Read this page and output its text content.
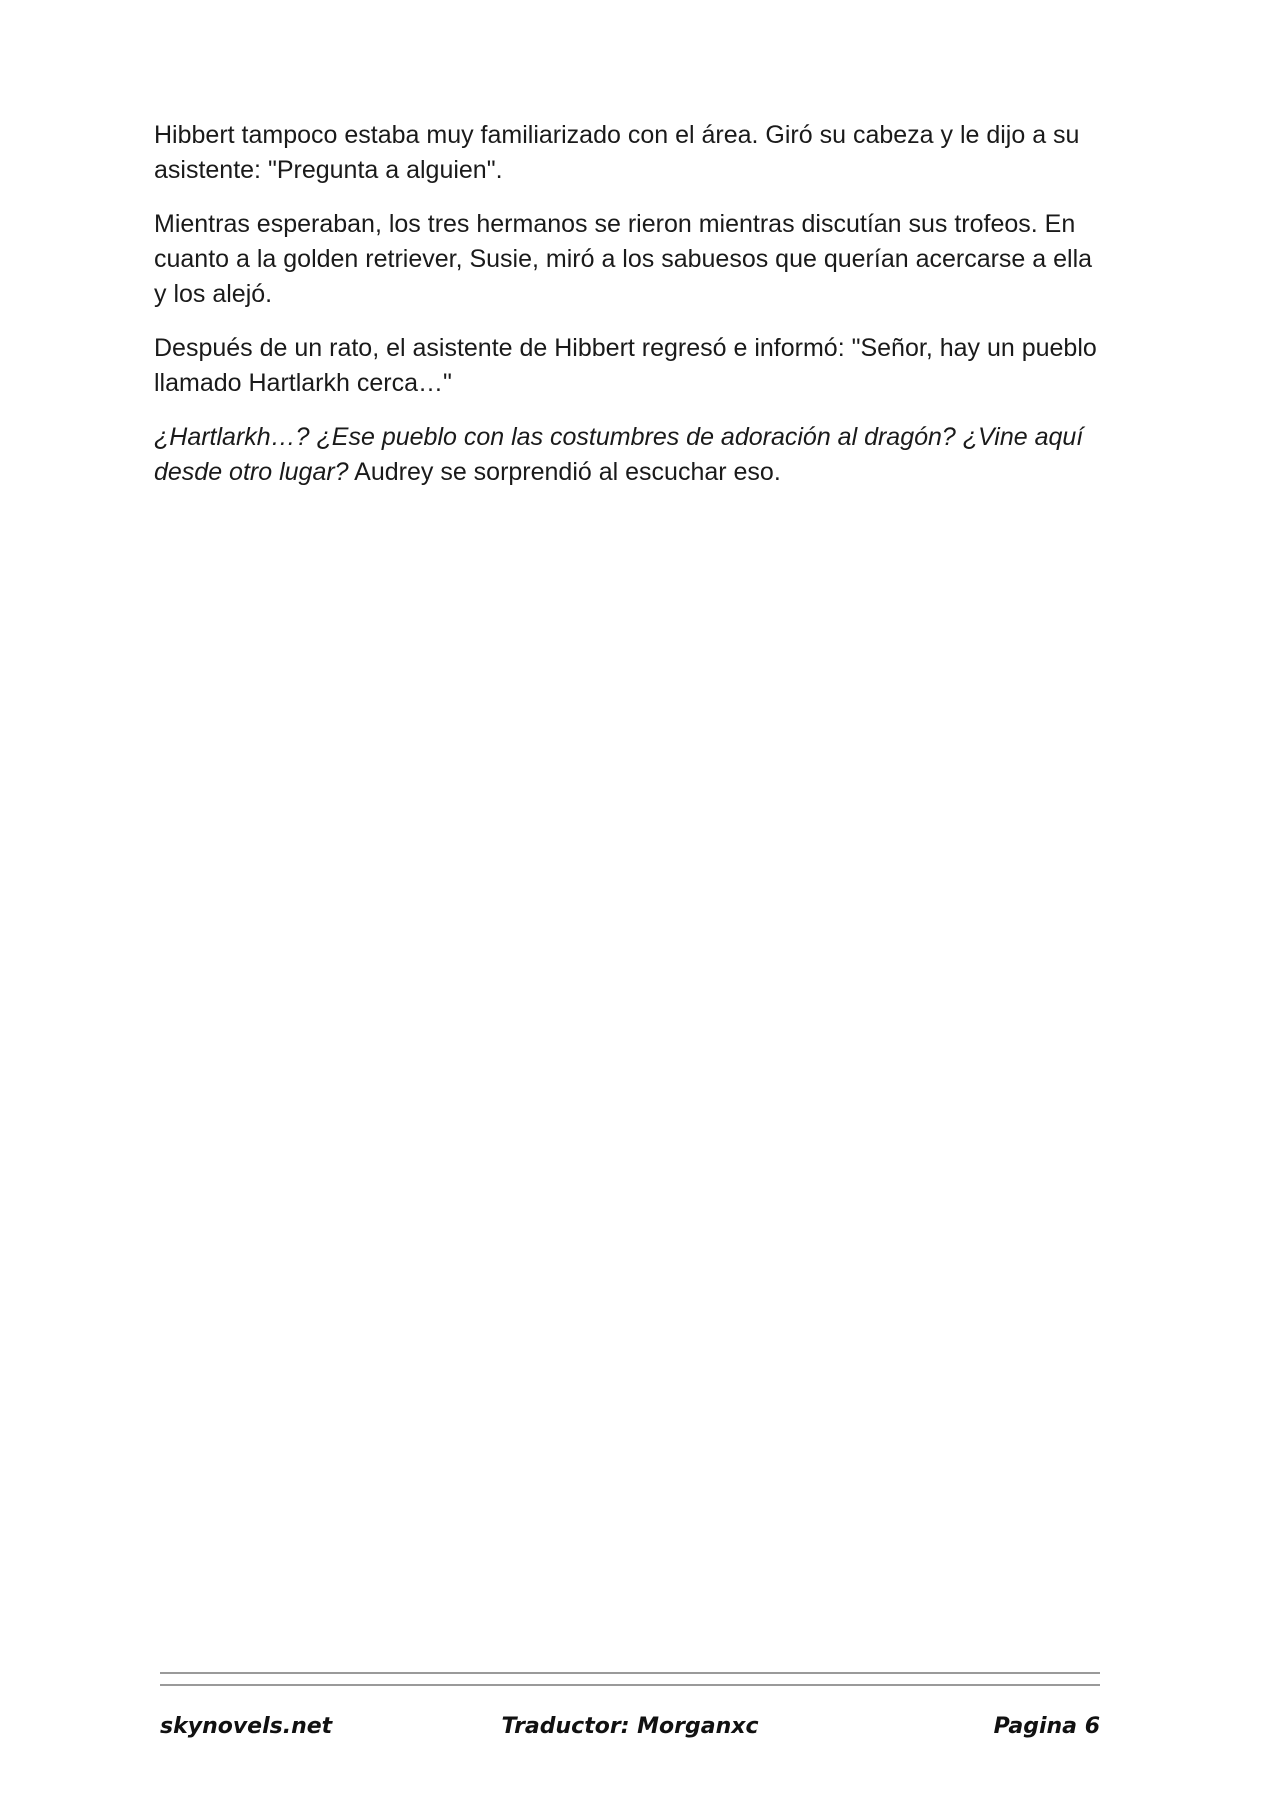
Hibbert tampoco estaba muy familiarizado con el área. Giró su cabeza y le dijo a su asistente: "Pregunta a alguien".

Mientras esperaban, los tres hermanos se rieron mientras discutían sus trofeos. En cuanto a la golden retriever, Susie, miró a los sabuesos que querían acercarse a ella y los alejó.

Después de un rato, el asistente de Hibbert regresó e informó: "Señor, hay un pueblo llamado Hartlarkh cerca…"

¿Hartlarkh…? ¿Ese pueblo con las costumbres de adoración al dragón? ¿Vine aquí desde otro lugar? Audrey se sorprendió al escuchar eso.

skynovels.net	Traductor: Morganxc	Pagina 6
